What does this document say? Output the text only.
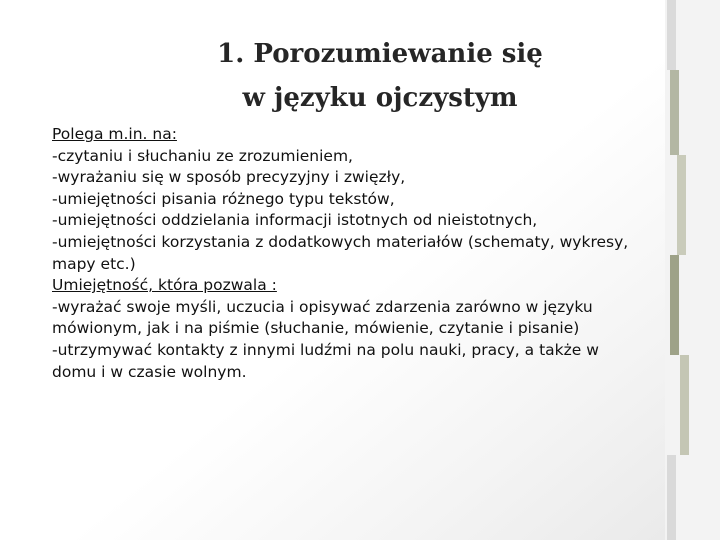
1. Porozumiewanie się
w języku ojczystym
Polega m.in. na:
-czytaniu i słuchaniu ze zrozumieniem,
-wyrażaniu się w sposób precyzyjny i zwięzły,
-umiejętności pisania różnego typu tekstów,
-umiejętności oddzielania informacji istotnych od nieistotnych,
-umiejętności korzystania z dodatkowych materiałów (schematy, wykresy, mapy etc.)
Umiejętność, która pozwala :
-wyrażać swoje myśli, uczucia i opisywać zdarzenia zarówno w języku mówionym, jak i na piśmie (słuchanie, mówienie, czytanie i pisanie)
-utrzymywać kontakty z innymi ludźmi na polu nauki, pracy, a także w domu i w czasie wolnym.
